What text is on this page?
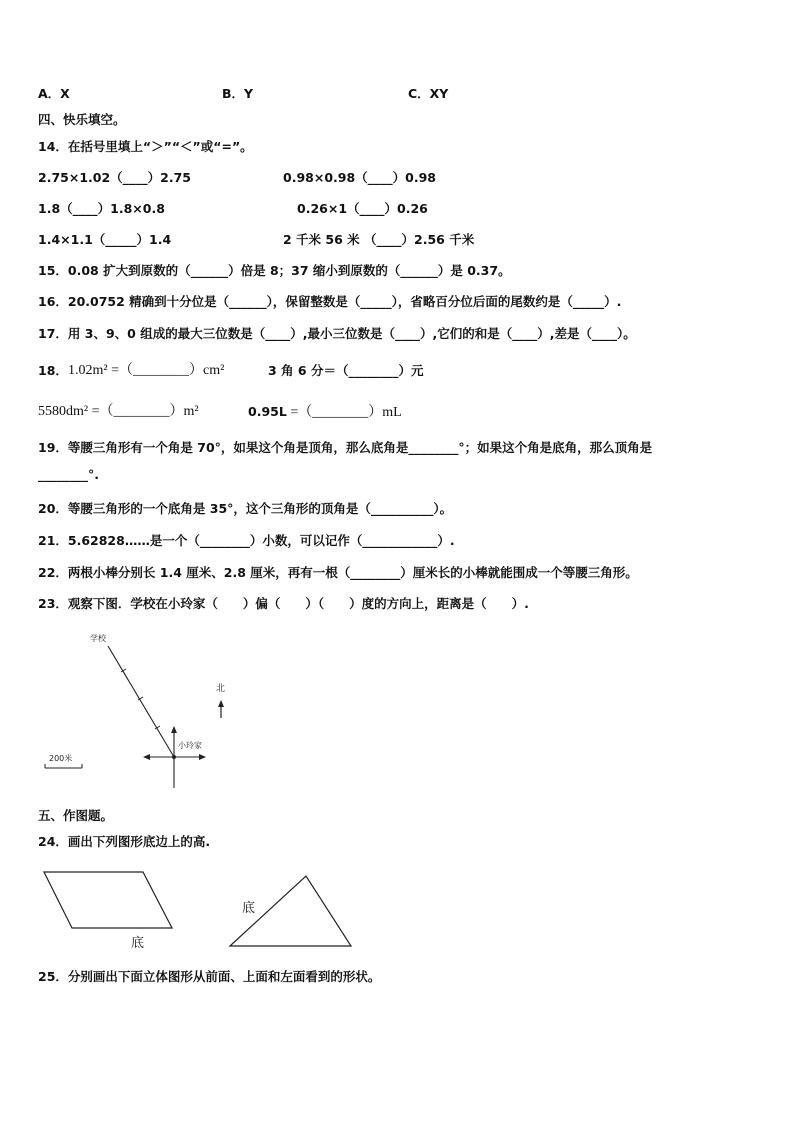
A．X	B．Y	C．XY
四、快乐填空。
14．在括号里填上“＞”“＜”或“=”。
2.75×1.02（____）2.75	0.98×0.98（____）0.98
1.8（____）1.8×0.8	0.26×1（____）0.26
1.4×1.1（_____）1.4	2 千米 56 米 （____）2.56 千米
15．0.08 扩大到原数的（______）倍是 8；37 缩小到原数的（______）是 0.37。
16．20.0752 精确到十分位是（______），保留整数是（_____），省略百分位后面的尾数约是（_____）.
17．用 3、9、0 组成的最大三位数是（____）,最小三位数是（____）,它们的和是（____）,差是（____）。
18． 1.02m² =（________）cm²	3 角 6 分＝（________）元
5580dm² =（________）m²	0.95L =（________）mL
19．等腰三角形有一个角是 70°，如果这个角是顶角，那么底角是________°；如果这个角是底角，那么顶角是
________°.
20．等腰三角形的一个底角是 35°，这个三角形的顶角是（__________）。
21．5.62828……是一个（________）小数，可以记作（____________）.
22．两根小棒分别长 1.4 厘米、2.8 厘米，再有一根（________）厘米长的小棒就能围成一个等腰三角形。
23．观察下图．学校在小玲家（　　）偏（　　）（　　）度的方向上，距离是（　　）.
学校
小玲家
北
200米
底
底
五、作图题。
24．画出下列图形底边上的高.
25．分别画出下面立体图形从前面、上面和左面看到的形状。
